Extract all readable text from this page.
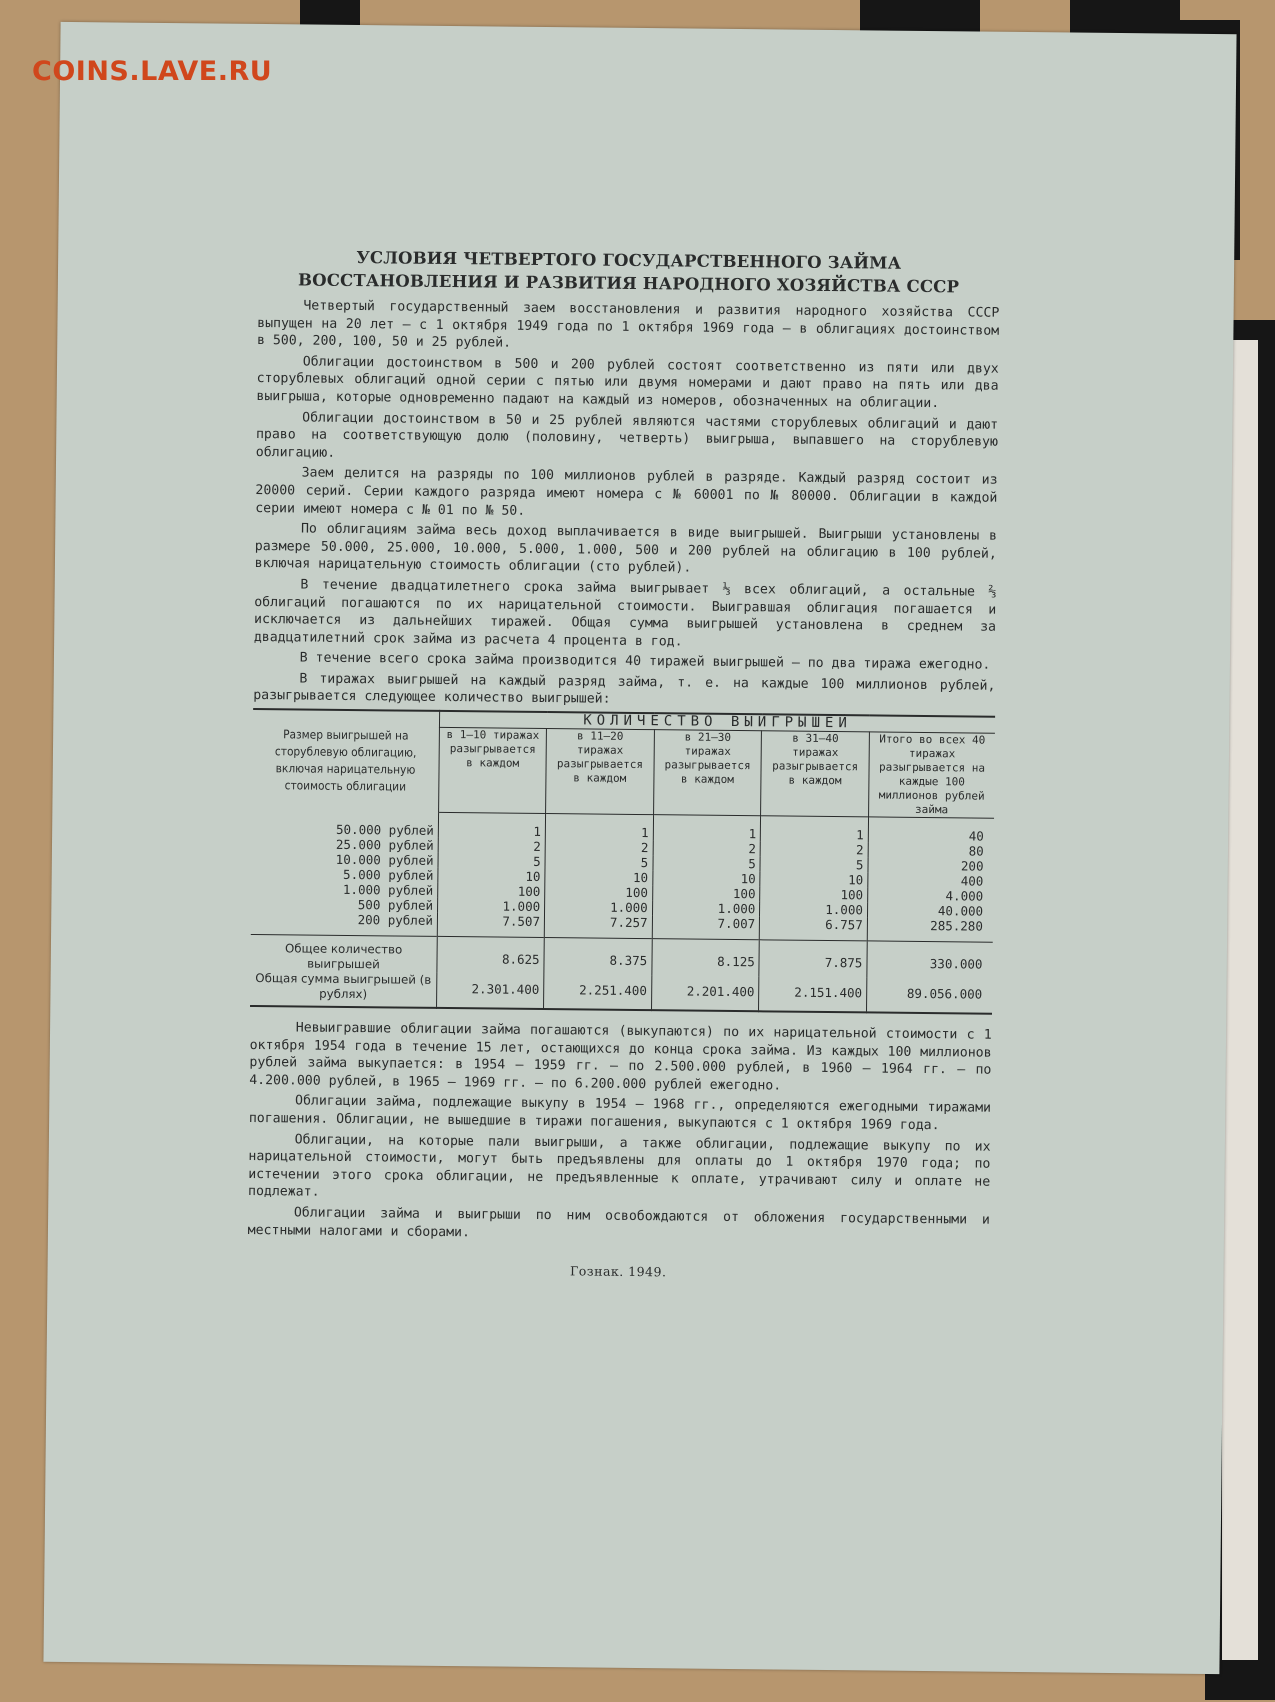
COINS.LAVE.RU
УСЛОВИЯ ЧЕТВЕРТОГО ГОСУДАРСТВЕННОГО ЗАЙМА
ВОССТАНОВЛЕНИЯ И РАЗВИТИЯ НАРОДНОГО ХОЗЯЙСТВА СССР

Четвертый государственный заем восстановления и развития народного хозяйства СССР выпущен на 20 лет — с 1 октября 1949 года по 1 октября 1969 года — в облигациях достоинством в 500, 200, 100, 50 и 25 рублей.

Облигации достоинством в 500 и 200 рублей состоят соответственно из пяти или двух сторублевых облигаций одной серии с пятью или двумя номерами и дают право на пять или два выигрыша, которые одновременно падают на каждый из номеров, обозначенных на облигации.

Облигации достоинством в 50 и 25 рублей являются частями сторублевых облигаций и дают право на соответствующую долю (половину, четверть) выигрыша, выпавшего на сторублевую облигацию.

Заем делится на разряды по 100 миллионов рублей в разряде. Каждый разряд состоит из 20000 серий. Серии каждого разряда имеют номера с № 60001 по № 80000. Облигации в каждой серии имеют номера с № 01 по № 50.

По облигациям займа весь доход выплачивается в виде выигрышей. Выигрыши установлены в размере 50.000, 25.000, 10.000, 5.000, 1.000, 500 и 200 рублей на облигацию в 100 рублей, включая нарицательную стоимость облигации (сто рублей).

В течение двадцатилетнего срока займа выигрывает ⅓ всех облигаций, а остальные ⅔ облигаций погашаются по их нарицательной стоимости. Выигравшая облигация погашается и исключается из дальнейших тиражей. Общая сумма выигрышей установлена в среднем за двадцатилетний срок займа из расчета 4 процента в год.

В течение всего срока займа производится 40 тиражей выигрышей — по два тиража ежегодно.

В тиражах выигрышей на каждый разряд займа, т. е. на каждые 100 миллионов рублей, разыгрывается следующее количество выигрышей:

Размер выигрышей на сторублевую облигацию, включая нарицательную стоимость облигации	КОЛИЧЕСТВО ВЫИГРЫШЕЙ				
	в 1—10 тиражах разыгрывается в каждом	в 11—20 тиражах разыгрывается в каждом	в 21—30 тиражах разыгрывается в каждом	в 31—40 тиражах разыгрывается в каждом	Итого во всех 40 тиражах разыгрывается на каждые 100 миллионов рублей займа
50.000 рублей	1	1	1	1	40
25.000 рублей	2	2	2	2	80
10.000 рублей	5	5	5	5	200
5.000 рублей	10	10	10	10	400
1.000 рублей	100	100	100	100	4.000
500 рублей	1.000	1.000	1.000	1.000	40.000
200 рублей	7.507	7.257	7.007	6.757	285.280
Общее количество выигрышей	8.625	8.375	8.125	7.875	330.000
Общая сумма выигрышей (в рублях)	2.301.400	2.251.400	2.201.400	2.151.400	89.056.000

Невыигравшие облигации займа погашаются (выкупаются) по их нарицательной стоимости с 1 октября 1954 года в течение 15 лет, остающихся до конца срока займа. Из каждых 100 миллионов рублей займа выкупается: в 1954 — 1959 гг. — по 2.500.000 рублей, в 1960 — 1964 гг. — по 4.200.000 рублей, в 1965 — 1969 гг. — по 6.200.000 рублей ежегодно.

Облигации займа, подлежащие выкупу в 1954 — 1968 гг., определяются ежегодными тиражами погашения. Облигации, не вышедшие в тиражи погашения, выкупаются с 1 октября 1969 года.

Облигации, на которые пали выигрыши, а также облигации, подлежащие выкупу по их нарицательной стоимости, могут быть предъявлены для оплаты до 1 октября 1970 года; по истечении этого срока облигации, не предъявленные к оплате, утрачивают силу и оплате не подлежат.

Облигации займа и выигрыши по ним освобождаются от обложения государственными и местными налогами и сборами.

Гознак. 1949.
